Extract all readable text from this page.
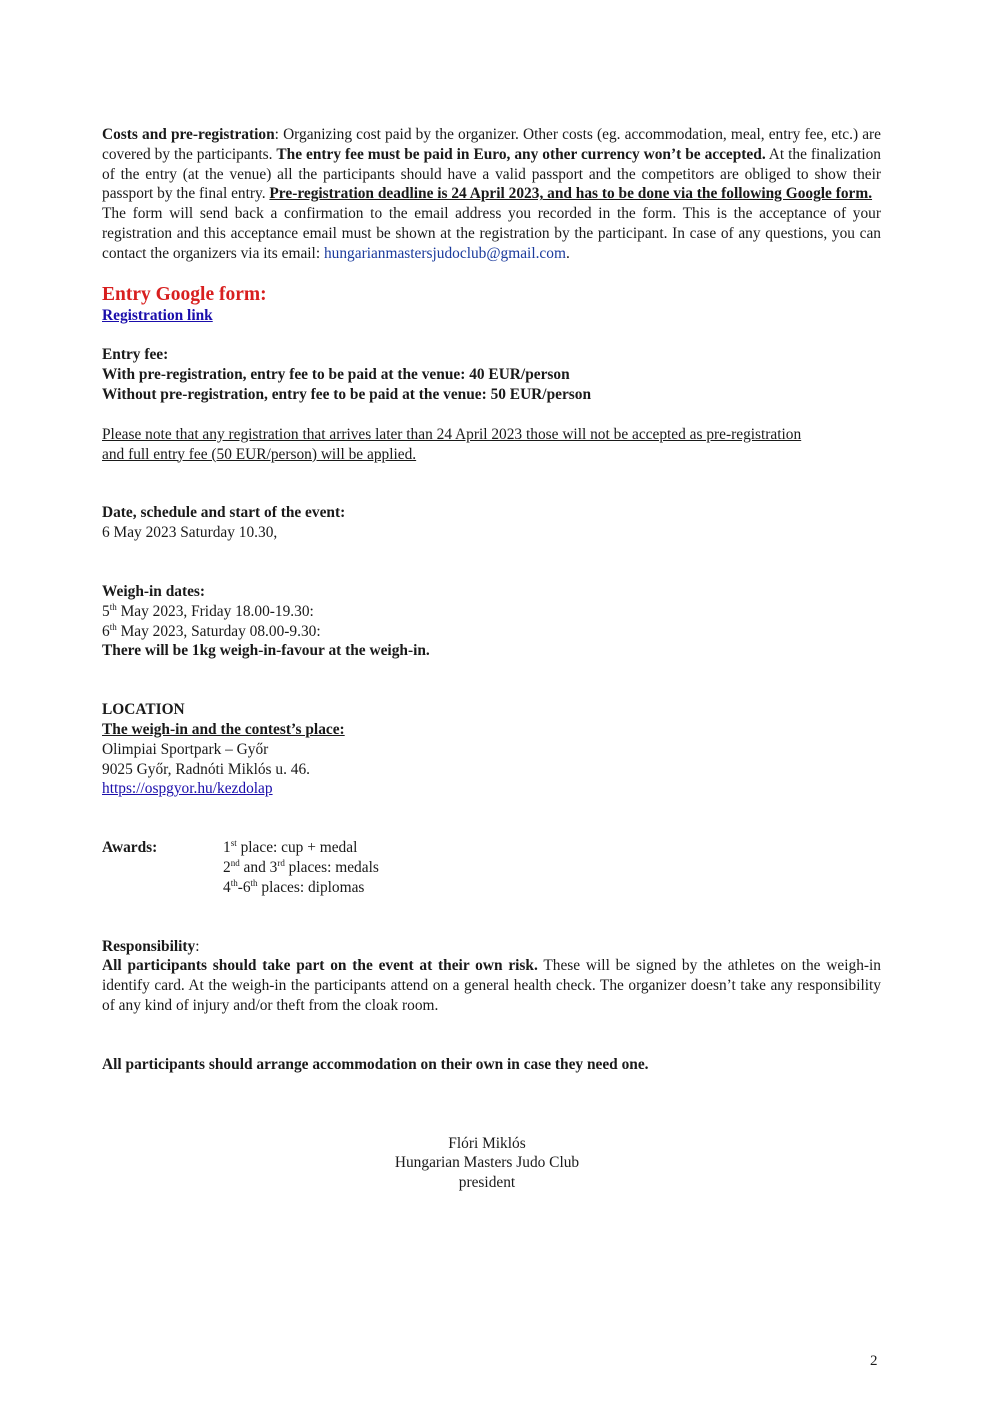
Costs and pre-registration: Organizing cost paid by the organizer. Other costs (eg. accommodation, meal, entry fee, etc.) are covered by the participants. The entry fee must be paid in Euro, any other currency won’t be accepted. At the finalization of the entry (at the venue) all the participants should have a valid passport and the competitors are obliged to show their passport by the final entry. Pre-registration deadline is 24 April 2023, and has to be done via the following Google form.

The form will send back a confirmation to the email address you recorded in the form. This is the acceptance of your registration and this acceptance email must be shown at the registration by the participant. In case of any questions, you can contact the organizers via its email: hungarianmastersjudoclub@gmail.com.

Entry Google form:

Registration link

Entry fee:

With pre-registration, entry fee to be paid at the venue: 40 EUR/person

Without pre-registration, entry fee to be paid at the venue: 50 EUR/person

Please note that any registration that arrives later than 24 April 2023 those will not be accepted as pre-registration and full entry fee (50 EUR/person) will be applied.

Date, schedule and start of the event:

6 May 2023 Saturday 10.30,

Weigh-in dates:

5th May 2023, Friday 18.00-19.30:

6th May 2023, Saturday 08.00-9.30:

There will be 1kg weigh-in-favour at the weigh-in.

LOCATION

The weigh-in and the contest’s place:

Olimpiai Sportpark – Győr

9025 Győr, Radnóti Miklós u. 46.

https://ospgyor.hu/kezdolap

Awards:	1st place: cup + medal

2nd and 3rd places: medals

4th-6th places: diplomas

Responsibility:

All participants should take part on the event at their own risk. These will be signed by the athletes on the weigh-in identify card. At the weigh-in the participants attend on a general health check. The organizer doesn’t take any responsibility of any kind of injury and/or theft from the cloak room.

All participants should arrange accommodation on their own in case they need one.

Flóri Miklós

Hungarian Masters Judo Club

president

2
